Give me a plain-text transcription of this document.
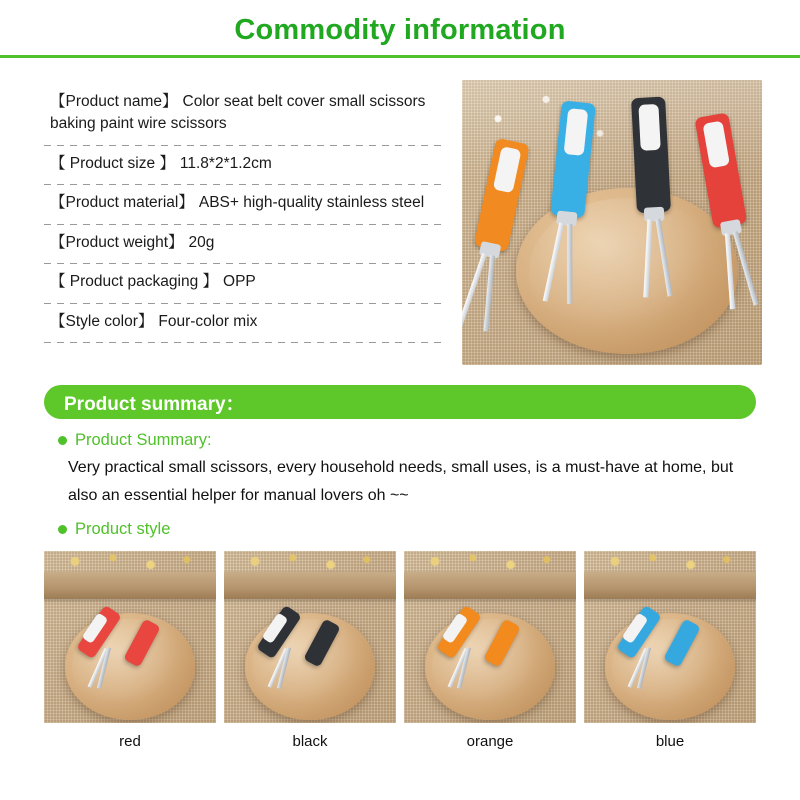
Commodity information
【Product name】 Color seat belt cover small scissors baking paint wire scissors
【 Product size 】 11.8*2*1.2cm
【Product material】 ABS+ high-quality stainless steel
【Product weight】 20g
【 Product packaging 】 OPP
【Style color】 Four-color mix
Product summary：
Product Summary:
Very practical small scissors, every household needs, small uses, is a must-have at home, but also an essential helper for manual lovers oh ~~
Product style
red	black	orange	blue
